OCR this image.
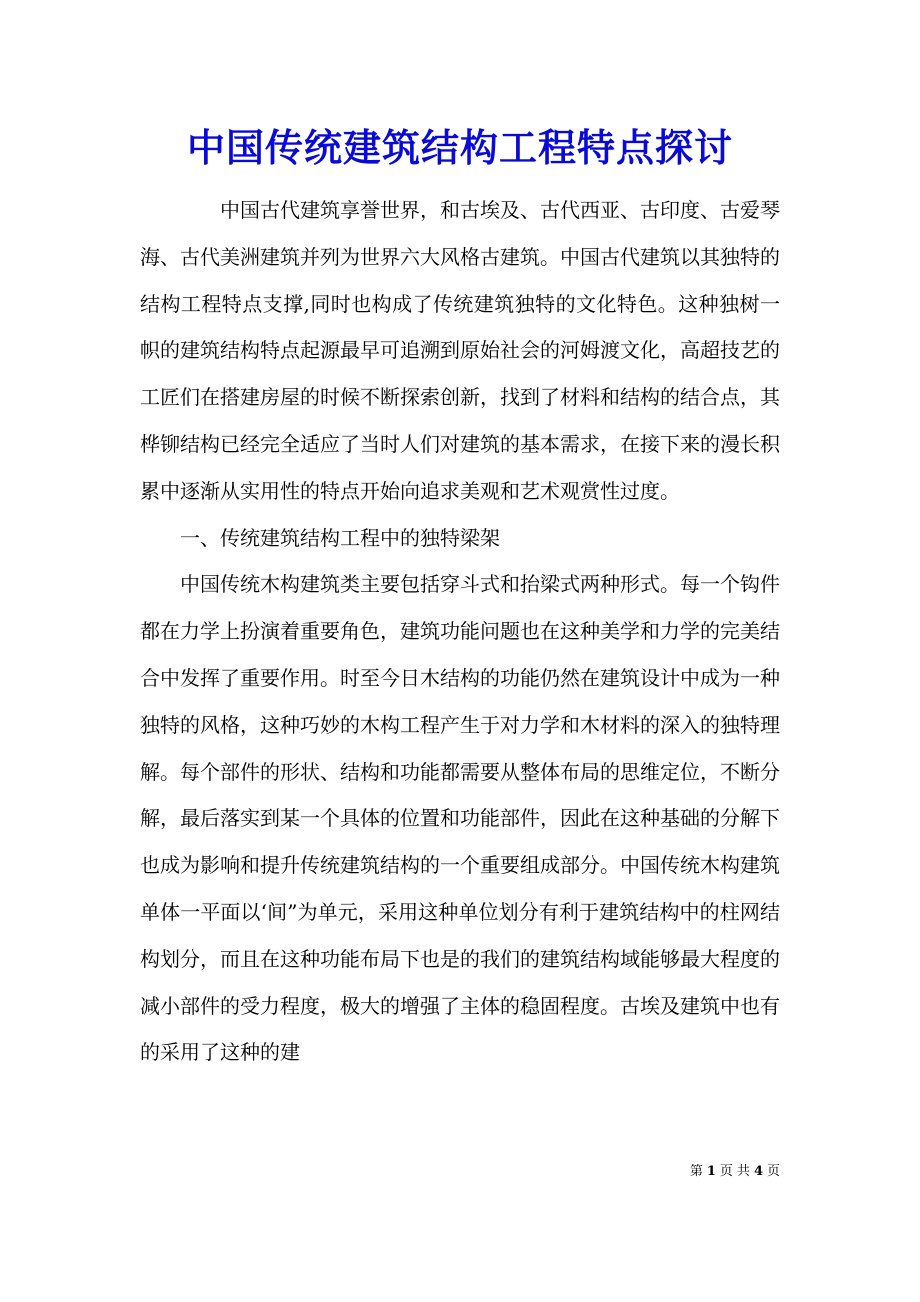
中国传统建筑结构工程特点探讨

中国古代建筑享誉世界，和古埃及、古代西亚、古印度、古爱琴海、古代美洲建筑并列为世界六大风格古建筑。中国古代建筑以其独特的结构工程特点支撑,同时也构成了传统建筑独特的文化特色。这种独树一帜的建筑结构特点起源最早可追溯到原始社会的河姆渡文化，高超技艺的工匠们在搭建房屋的时候不断探索创新，找到了材料和结构的结合点，其桦铆结构已经完全适应了当时人们对建筑的基本需求，在接下来的漫长积累中逐渐从实用性的特点开始向追求美观和艺术观赏性过度。

一、传统建筑结构工程中的独特梁架

中国传统木构建筑类主要包括穿斗式和抬梁式两种形式。每一个钩件都在力学上扮演着重要角色，建筑功能问题也在这种美学和力学的完美结合中发挥了重要作用。时至今日木结构的功能仍然在建筑设计中成为一种独特的风格，这种巧妙的木构工程产生于对力学和木材料的深入的独特理解。每个部件的形状、结构和功能都需要从整体布局的思维定位，不断分解，最后落实到某一个具体的位置和功能部件，因此在这种基础的分解下也成为影响和提升传统建筑结构的一个重要组成部分。中国传统木构建筑单体一平面以‘间”为单元，采用这种单位划分有利于建筑结构中的柱网结构划分，而且在这种功能布局下也是的我们的建筑结构域能够最大程度的减小部件的受力程度，极大的增强了主体的稳固程度。古埃及建筑中也有的采用了这种的建

第 1 页 共 4 页
